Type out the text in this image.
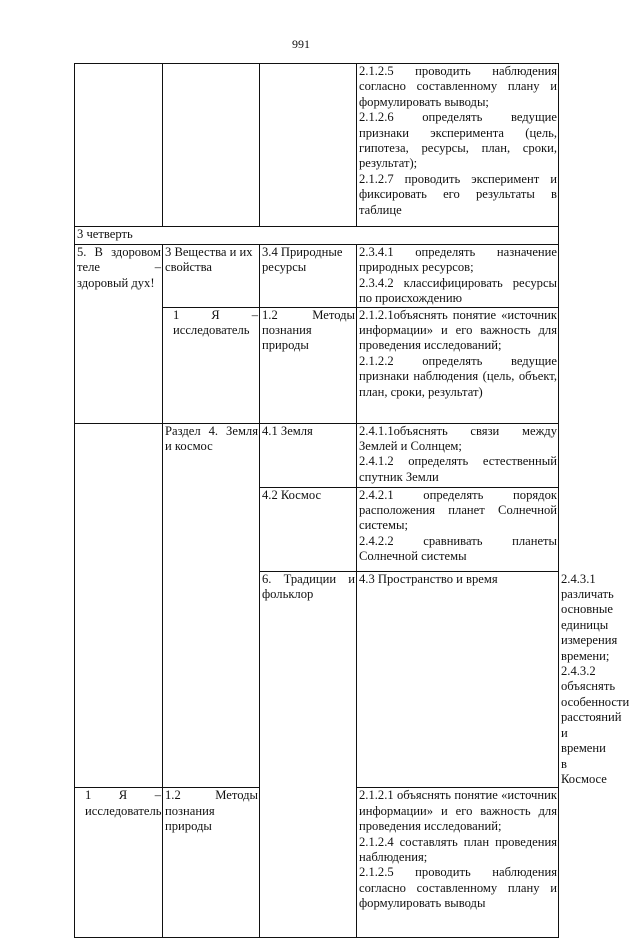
991

			2.1.2.5 проводить наблюдения согласно составленному плану и формулировать выводы;
2.1.2.6 определять ведущие признаки эксперимента (цель, гипотеза, ресурсы, план, сроки, результат);
2.1.2.7 проводить эксперимент и фиксировать его результаты в таблице	

3 четверть				
5. В здоровом теле – здоровый дух!	3 Вещества и их свойства	3.4 Природные ресурсы	2.3.4.1 определять назначение природных ресурсов;
2.3.4.2 классифицировать ресурсы по происхождению	

	1 Я – исследователь	1.2 Методы познания природы	2.1.2.1объяснять понятие «источник информации» и его важность для проведения исследований;
2.1.2.2 определять ведущие признаки наблюдения (цель, объект, план, сроки, результат)	

	Раздел 4. Земля и космос	4.1 Земля	2.4.1.1объяснять связи между Землей и Солнцем;
2.4.1.2 определять естественный спутник Земли	

		4.2 Космос	2.4.2.1 определять порядок расположения планет Солнечной системы;
2.4.2.2 сравнивать планеты Солнечной системы	

		6. Традиции и фольклор	4.3 Пространство и время	2.4.3.1 различать основные единицы измерения времени;
2.4.3.2 объяснять особенности расстояний и времени в Космосе

1 Я – исследователь	1.2 Методы познания природы		2.1.2.1 объяснять понятие «источник информации» и его важность для проведения исследований;
2.1.2.4 составлять план проведения наблюдения;
2.1.2.5 проводить наблюдения согласно составленному плану и формулировать выводы	
